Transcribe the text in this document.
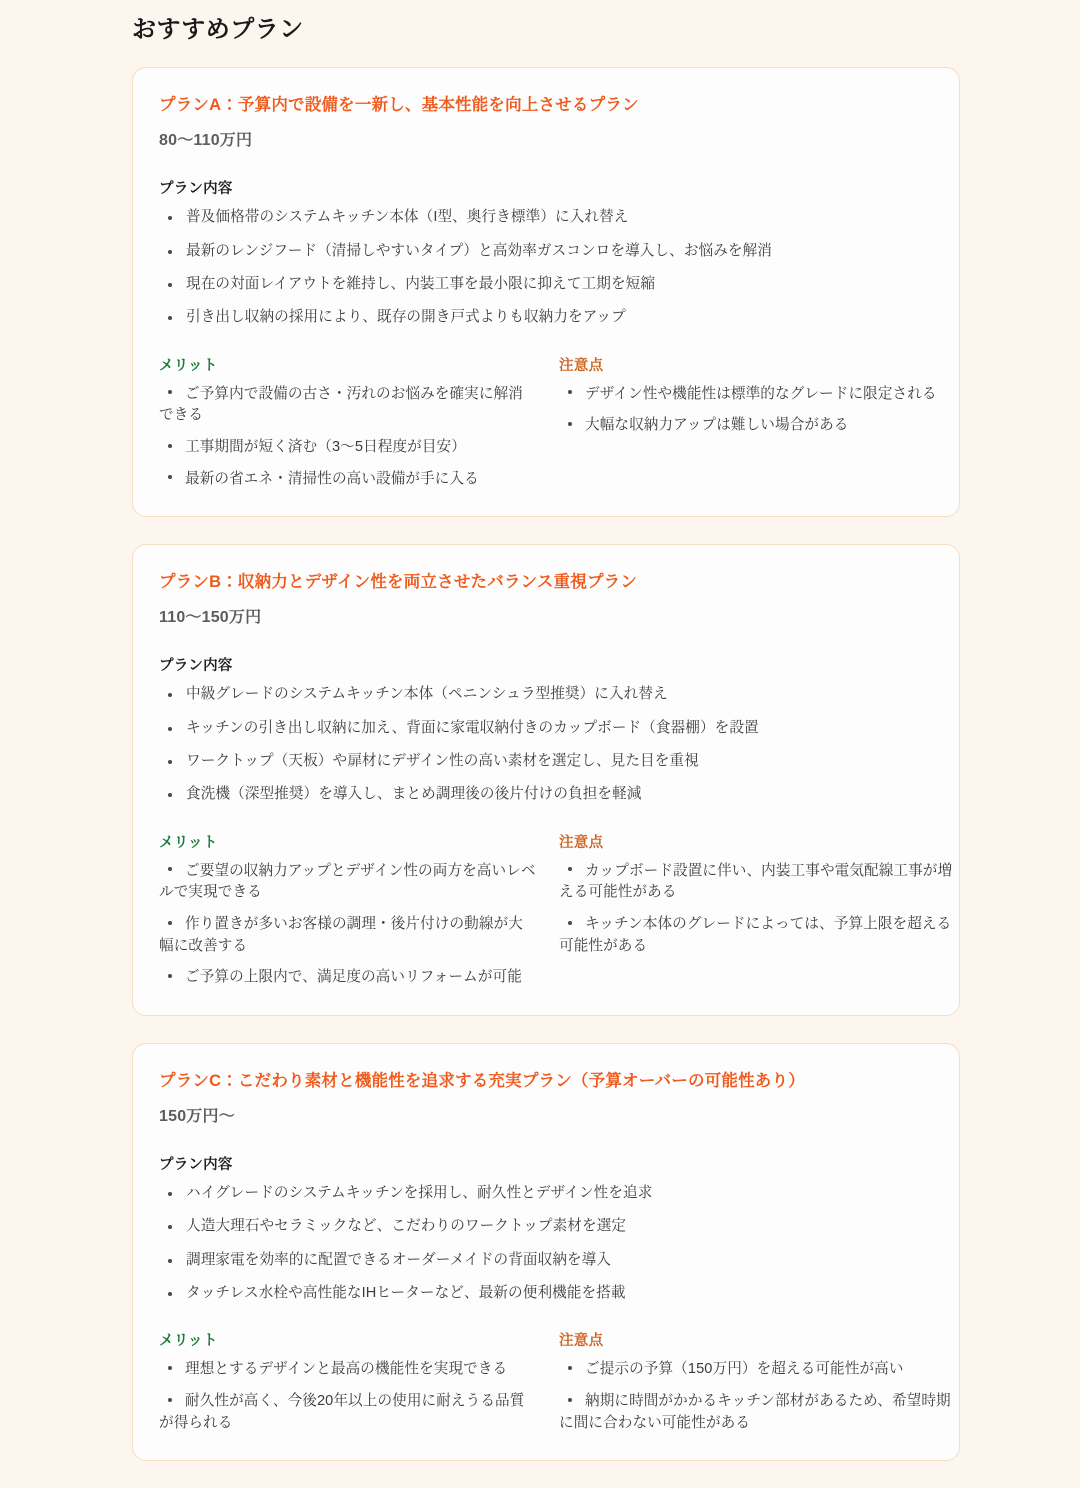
おすすめプラン
プランA：予算内で設備を一新し、基本性能を向上させるプラン
80〜110万円
プラン内容
普及価格帯のシステムキッチン本体（I型、奥行き標準）に入れ替え
最新のレンジフード（清掃しやすいタイプ）と高効率ガスコンロを導入し、お悩みを解消
現在の対面レイアウトを維持し、内装工事を最小限に抑えて工期を短縮
引き出し収納の採用により、既存の開き戸式よりも収納力をアップ
メリット
ご予算内で設備の古さ・汚れのお悩みを確実に解消できる
工事期間が短く済む（3〜5日程度が目安）
最新の省エネ・清掃性の高い設備が手に入る
注意点
デザイン性や機能性は標準的なグレードに限定される
大幅な収納力アップは難しい場合がある
プランB：収納力とデザイン性を両立させたバランス重視プラン
110〜150万円
プラン内容
中級グレードのシステムキッチン本体（ペニンシュラ型推奨）に入れ替え
キッチンの引き出し収納に加え、背面に家電収納付きのカップボード（食器棚）を設置
ワークトップ（天板）や扉材にデザイン性の高い素材を選定し、見た目を重視
食洗機（深型推奨）を導入し、まとめ調理後の後片付けの負担を軽減
メリット
ご要望の収納力アップとデザイン性の両方を高いレベルで実現できる
作り置きが多いお客様の調理・後片付けの動線が大幅に改善する
ご予算の上限内で、満足度の高いリフォームが可能
注意点
カップボード設置に伴い、内装工事や電気配線工事が増える可能性がある
キッチン本体のグレードによっては、予算上限を超える可能性がある
プランC：こだわり素材と機能性を追求する充実プラン（予算オーバーの可能性あり）
150万円〜
プラン内容
ハイグレードのシステムキッチンを採用し、耐久性とデザイン性を追求
人造大理石やセラミックなど、こだわりのワークトップ素材を選定
調理家電を効率的に配置できるオーダーメイドの背面収納を導入
タッチレス水栓や高性能なIHヒーターなど、最新の便利機能を搭載
メリット
理想とするデザインと最高の機能性を実現できる
耐久性が高く、今後20年以上の使用に耐えうる品質が得られる
注意点
ご提示の予算（150万円）を超える可能性が高い
納期に時間がかかるキッチン部材があるため、希望時期に間に合わない可能性がある
